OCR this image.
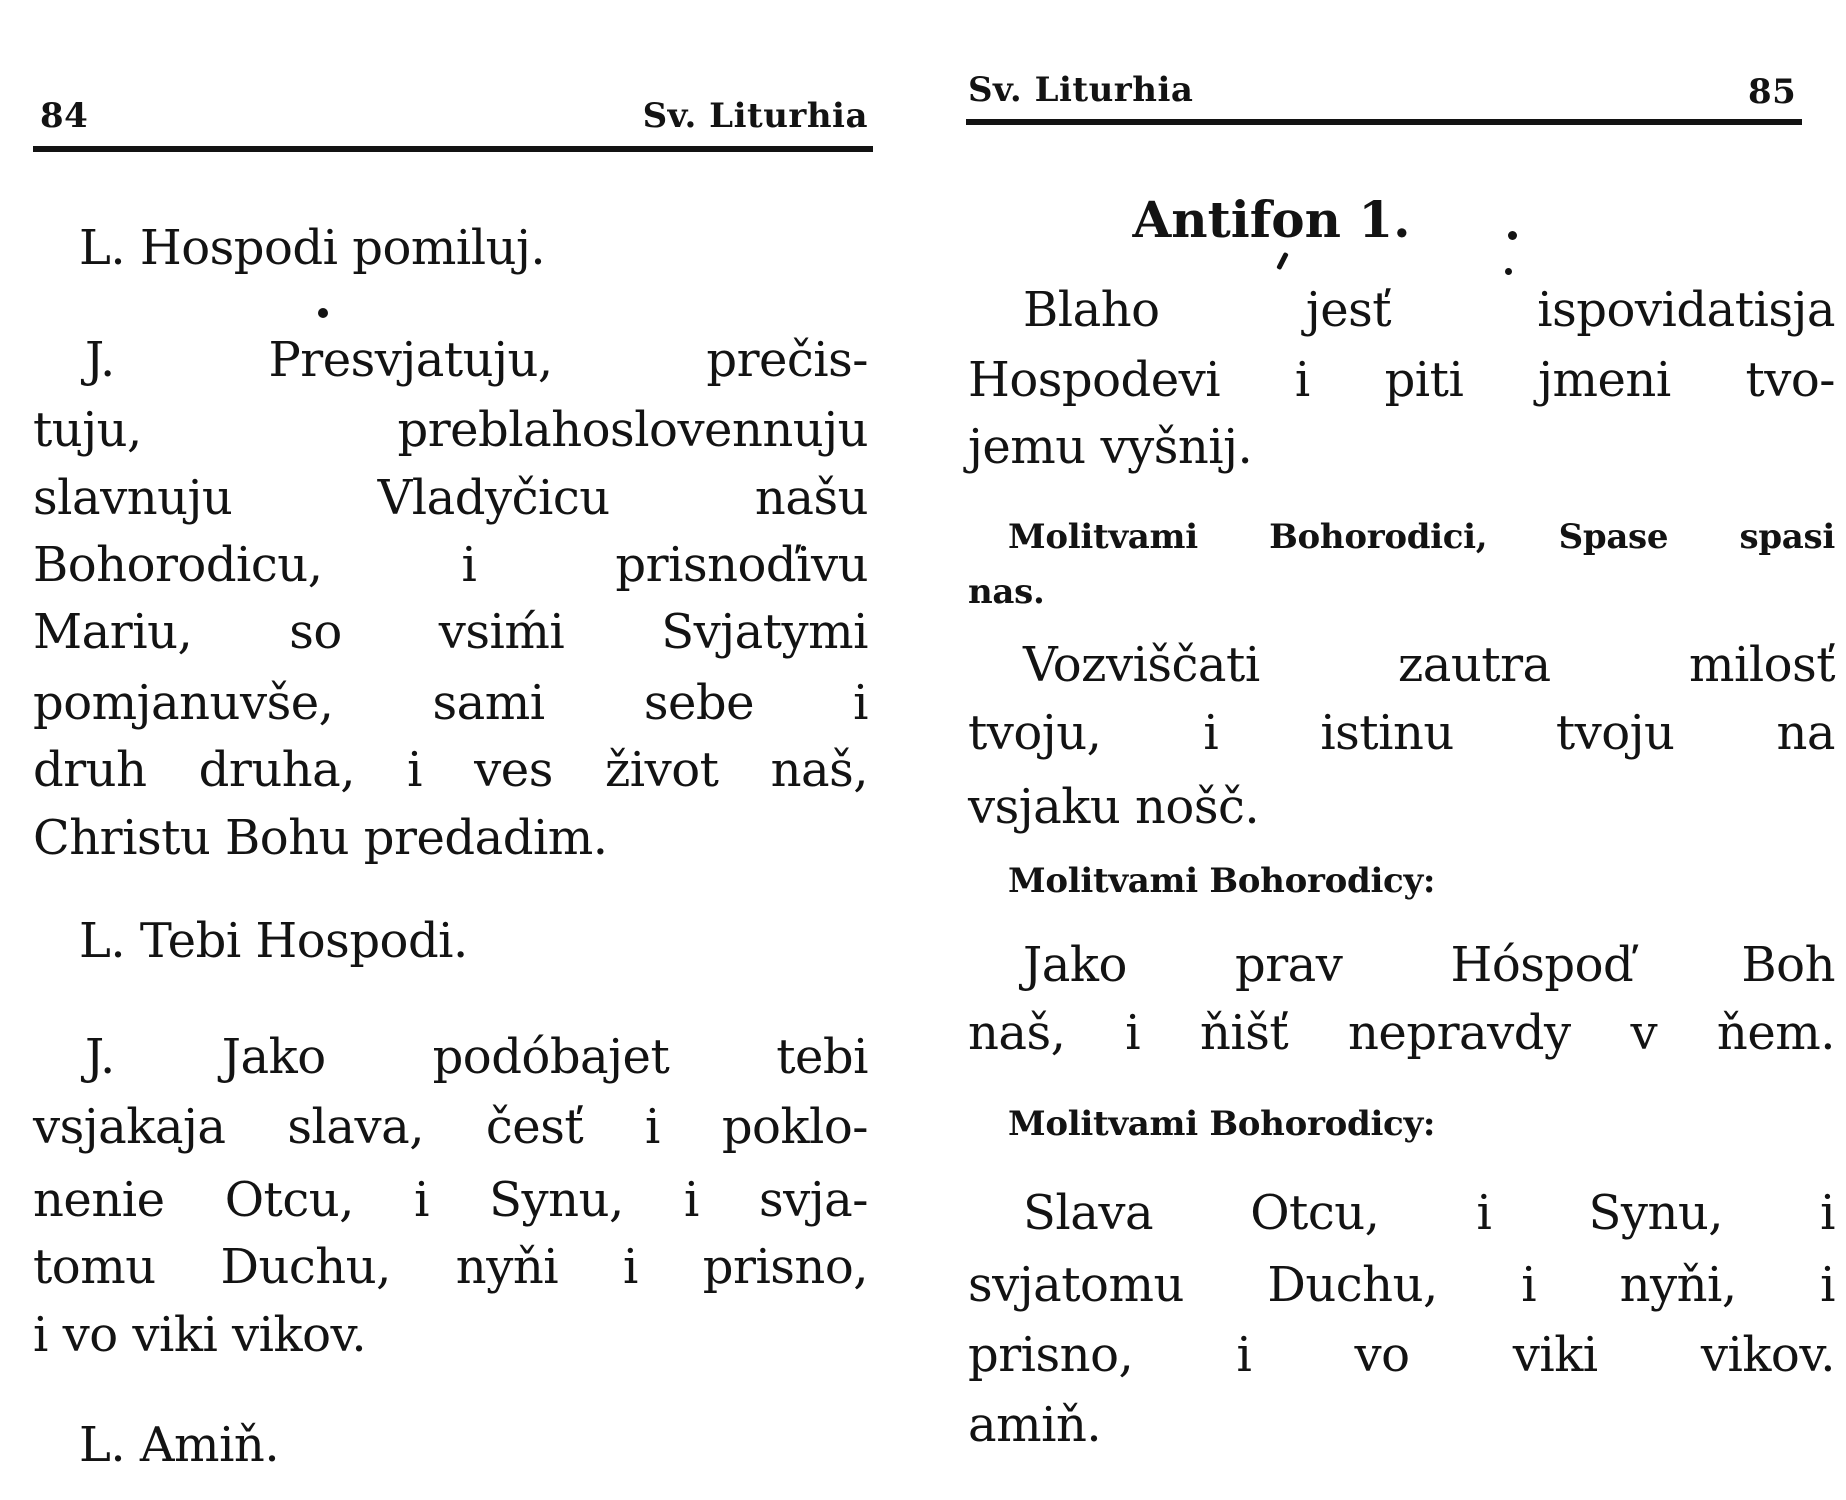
84	Sv. Liturhia
L. Hospodi pomiluj.
J. Presvjatuju, prečis-
tuju, preblahoslovennuju
slavnuju Vladyčicu našu
Bohorodicu, i prisnoďivu
Mariu, so vsiḿi Svjatymi
pomjanuvše, sami sebe i
druh druha, i ves život naš,
Christu Bohu predadim.
L. Tebi Hospodi.
J. Jako podóbajet tebi
vsjakaja slava, česť i poklo-
nenie Otcu, i Synu, i svja-
tomu Duchu, nyňi i prisno,
i vo viki vikov.
L. Amiň.
Sv. Liturhia	85
Antifon 1.
Blaho jesť ispovidatisja
Hospodevi i piti jmeni tvo-
jemu vyšnij.
Molitvami Bohorodici, Spase spasi
nas.
Vozviščati zautra milosť
tvoju, i istinu tvoju na
vsjaku nošč.
Molitvami Bohorodicy:
Jako prav Hóspoď Boh
naš, i ňišť nepravdy v ňem.
Molitvami Bohorodicy:
Slava Otcu, i Synu, i
svjatomu Duchu, i nyňi, i
prisno, i vo viki vikov.
amiň.
